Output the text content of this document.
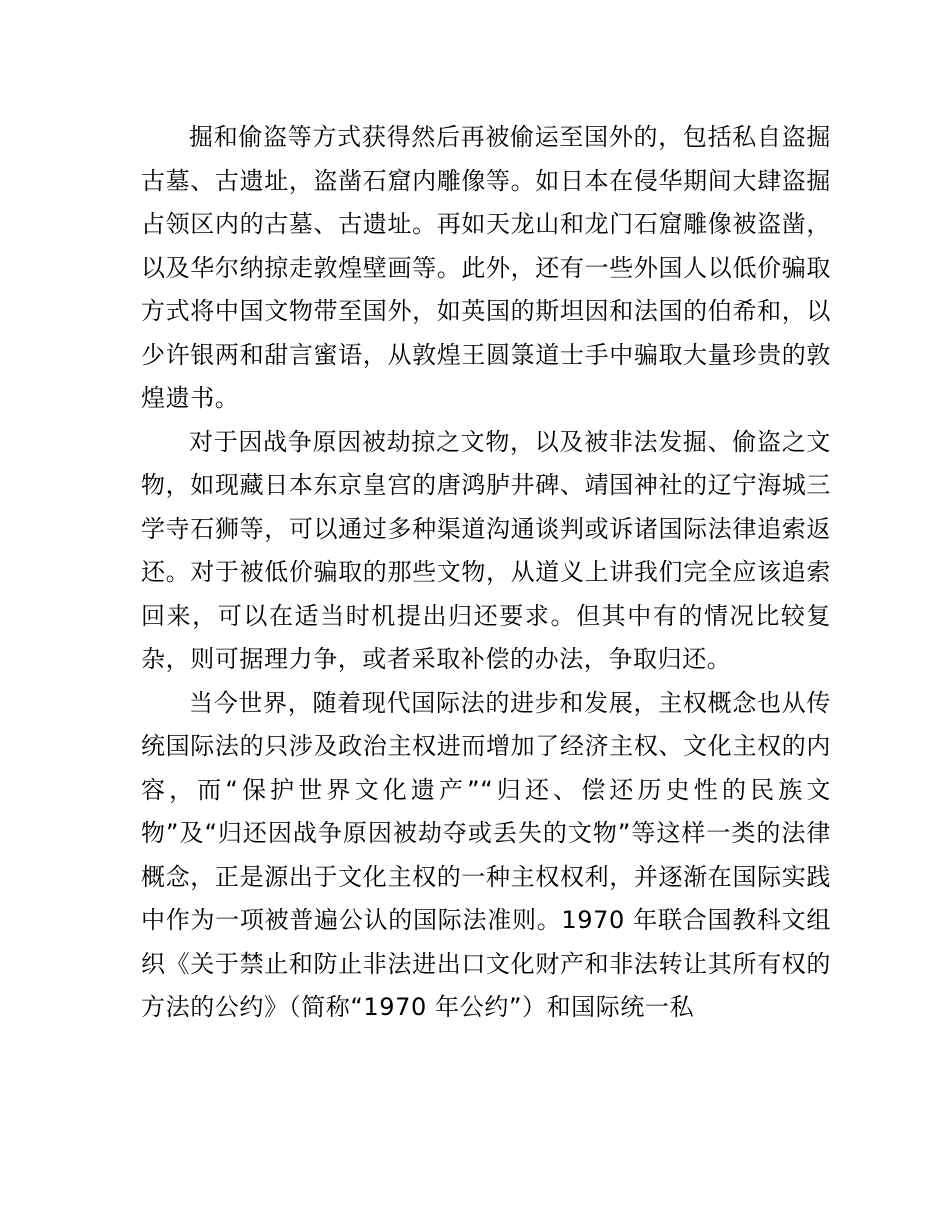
掘和偷盗等方式获得然后再被偷运至国外的，包括私自盗掘古墓、古遗址，盗凿石窟内雕像等。如日本在侵华期间大肆盗掘占领区内的古墓、古遗址。再如天龙山和龙门石窟雕像被盗凿，以及华尔纳掠走敦煌壁画等。此外，还有一些外国人以低价骗取方式将中国文物带至国外，如英国的斯坦因和法国的伯希和，以少许银两和甜言蜜语，从敦煌王圆箓道士手中骗取大量珍贵的敦煌遗书。

对于因战争原因被劫掠之文物，以及被非法发掘、偷盗之文物，如现藏日本东京皇宫的唐鸿胪井碑、靖国神社的辽宁海城三学寺石狮等，可以通过多种渠道沟通谈判或诉诸国际法律追索返还。对于被低价骗取的那些文物，从道义上讲我们完全应该追索回来，可以在适当时机提出归还要求。但其中有的情况比较复杂，则可据理力争，或者采取补偿的办法，争取归还。

当今世界，随着现代国际法的进步和发展，主权概念也从传统国际法的只涉及政治主权进而增加了经济主权、文化主权的内容，而“保护世界文化遗产”“归还、偿还历史性的民族文物”及“归还因战争原因被劫夺或丢失的文物”等这样一类的法律概念，正是源出于文化主权的一种主权权利，并逐渐在国际实践中作为一项被普遍公认的国际法准则。1970 年联合国教科文组织《关于禁止和防止非法进出口文化财产和非法转让其所有权的方法的公约》（简称“1970 年公约”）和国际统一私
